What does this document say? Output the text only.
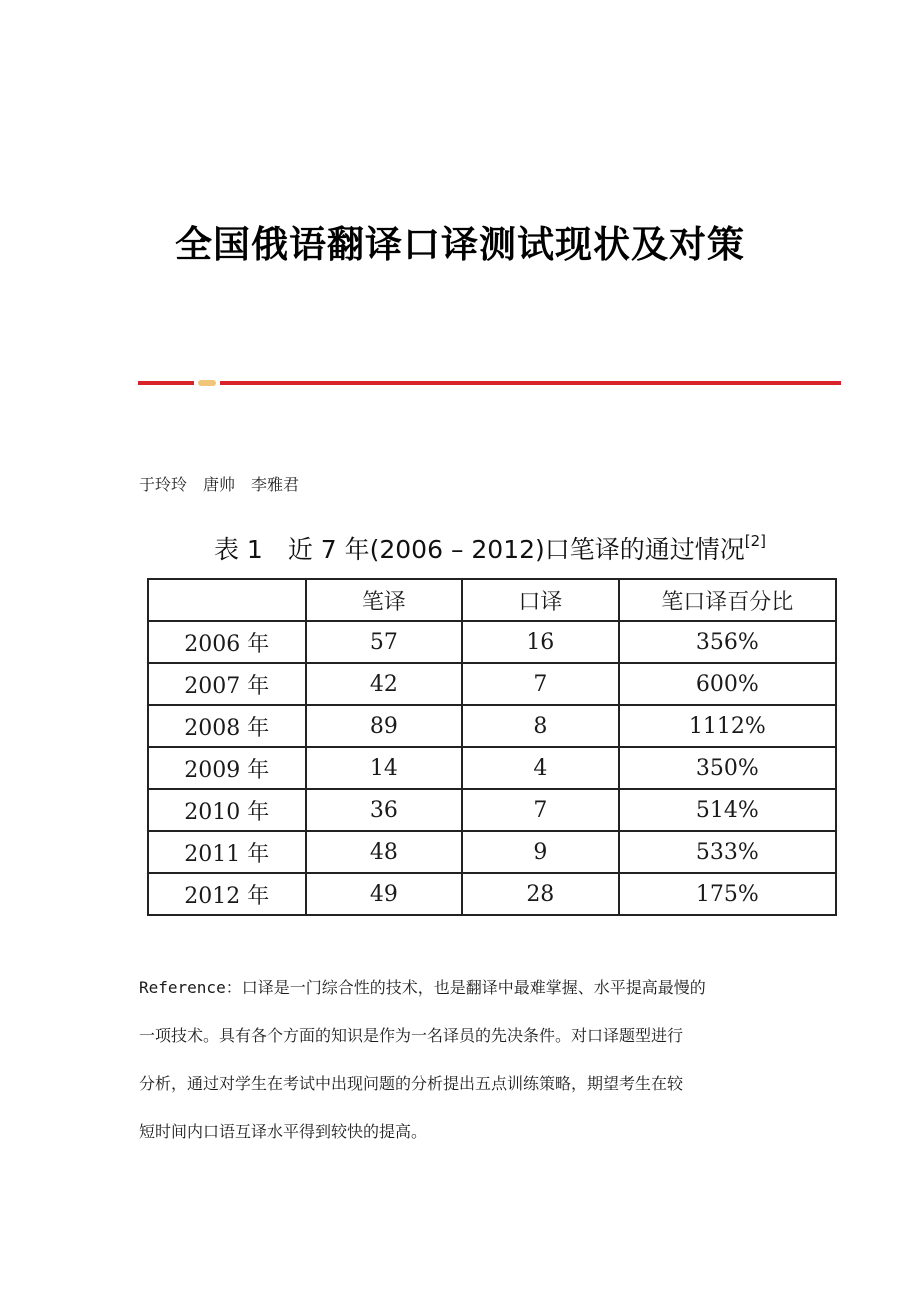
全国俄语翻译口译测试现状及对策
于玲玲　唐帅　李雅君
表 1　近 7 年(2006 – 2012)口笔译的通过情况[2]
	笔译	口译	笔口译百分比
2006 年	57	16	356%
2007 年	42	7	600%
2008 年	89	8	1112%
2009 年	14	4	350%
2010 年	36	7	514%
2011 年	48	9	533%
2012 年	49	28	175%

Reference：口译是一门综合性的技术，也是翻译中最难掌握、水平提高最慢的

一项技术。具有各个方面的知识是作为一名译员的先决条件。对口译题型进行

分析，通过对学生在考试中出现问题的分析提出五点训练策略，期望考生在较

短时间内口语互译水平得到较快的提高。
